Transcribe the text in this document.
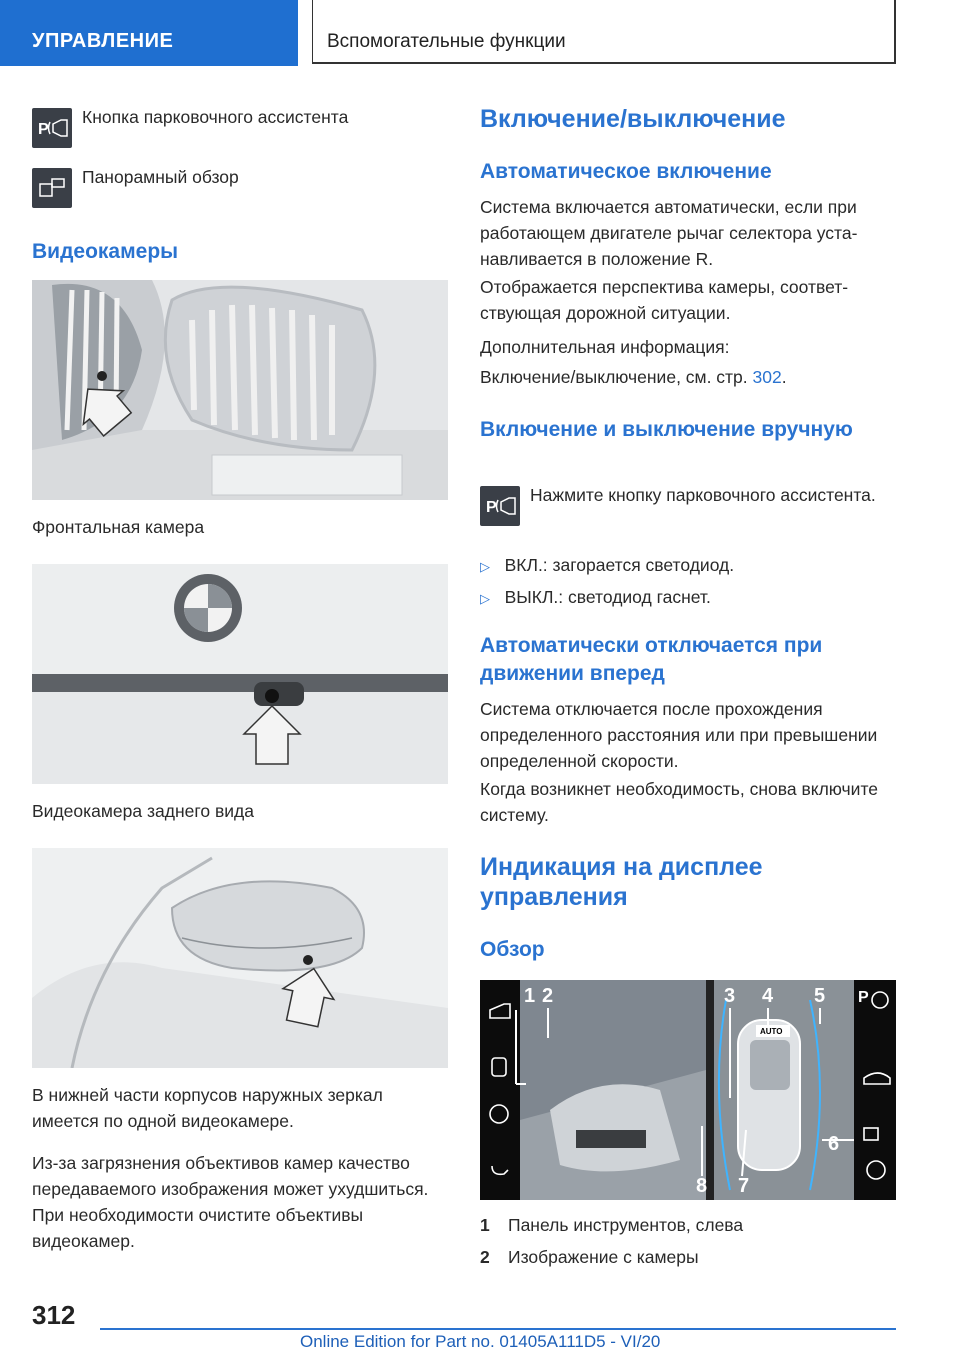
УПРАВЛЕНИЕ	Вспомогательные функции
P
Кнопка парковочного ассистента
Панорамный обзор
Видеокамеры
Фронтальная камера
Видеокамера заднего вида
В нижней части корпусов наружных зеркал имеется по одной видеокамере.
Из-за загрязнения объективов камер качество передаваемого изображения может ухудшиться. При необходимости очистите объективы видеокамер.
Включение/выключение
Автоматическое включение
Система включается автоматически, если при работающем двигателе рычаг селектора устанавливается в положение R.
Отображается перспектива камеры, соответствующая дорожной ситуации.
Дополнительная информация:
Включение/выключение, см. стр. 302.
Включение и выключение вручную
P
Нажмите кнопку парковочного ассистента.
▷ ВКЛ.: загорается светодиод.
▷ ВЫКЛ.: светодиод гаснет.
Автоматически отключается при движении вперед
Система отключается после прохождения определенного расстояния или при превышении определенной скорости.
Когда возникнет необходимость, снова включите систему.
Индикация на дисплее управления
Обзор
AUTO
P
1 2	3 4 5
6
7
8
1 Панель инструментов, слева
2 Изображение с камеры
312
Online Edition for Part no. 01405A111D5 - VI/20
